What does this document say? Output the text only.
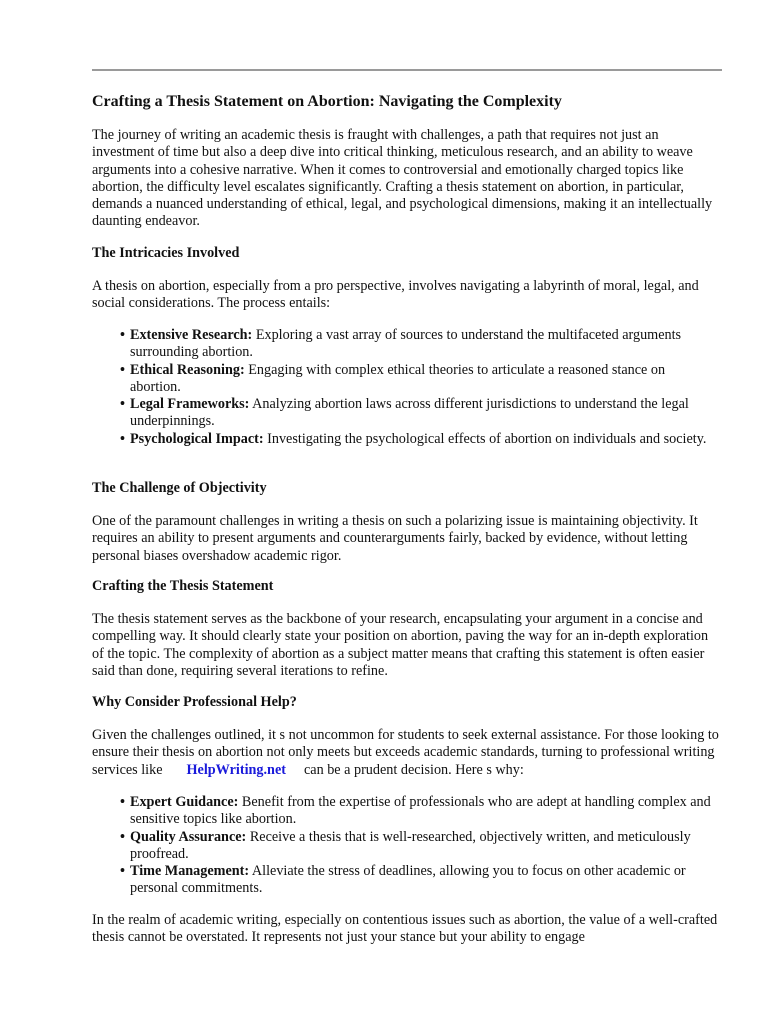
Crafting a Thesis Statement on Abortion: Navigating the Complexity

The journey of writing an academic thesis is fraught with challenges, a path that requires not just an investment of time but also a deep dive into critical thinking, meticulous research, and an ability to weave arguments into a cohesive narrative. When it comes to controversial and emotionally charged topics like abortion, the difficulty level escalates significantly. Crafting a thesis statement on abortion, in particular, demands a nuanced understanding of ethical, legal, and psychological dimensions, making it an intellectually daunting endeavor.

The Intricacies Involved

A thesis on abortion, especially from a pro perspective, involves navigating a labyrinth of moral, legal, and social considerations. The process entails:

• Extensive Research: Exploring a vast array of sources to understand the multifaceted arguments surrounding abortion.
• Ethical Reasoning: Engaging with complex ethical theories to articulate a reasoned stance on abortion.
• Legal Frameworks: Analyzing abortion laws across different jurisdictions to understand the legal underpinnings.
• Psychological Impact: Investigating the psychological effects of abortion on individuals and society.
The Challenge of Objectivity

One of the paramount challenges in writing a thesis on such a polarizing issue is maintaining objectivity. It requires an ability to present arguments and counterarguments fairly, backed by evidence, without letting personal biases overshadow academic rigor.

Crafting the Thesis Statement

The thesis statement serves as the backbone of your research, encapsulating your argument in a concise and compelling way. It should clearly state your position on abortion, paving the way for an in-depth exploration of the topic. The complexity of abortion as a subject matter means that crafting this statement is often easier said than done, requiring several iterations to refine.

Why Consider Professional Help?

Given the challenges outlined, it s not uncommon for students to seek external assistance. For those looking to ensure their thesis on abortion not only meets but exceeds academic standards, turning to professional writing services like HelpWriting.net can be a prudent decision. Here s why:

• Expert Guidance: Benefit from the expertise of professionals who are adept at handling complex and sensitive topics like abortion.
• Quality Assurance: Receive a thesis that is well-researched, objectively written, and meticulously proofread.
• Time Management: Alleviate the stress of deadlines, allowing you to focus on other academic or personal commitments.

In the realm of academic writing, especially on contentious issues such as abortion, the value of a well-crafted thesis cannot be overstated. It represents not just your stance but your ability to engage
